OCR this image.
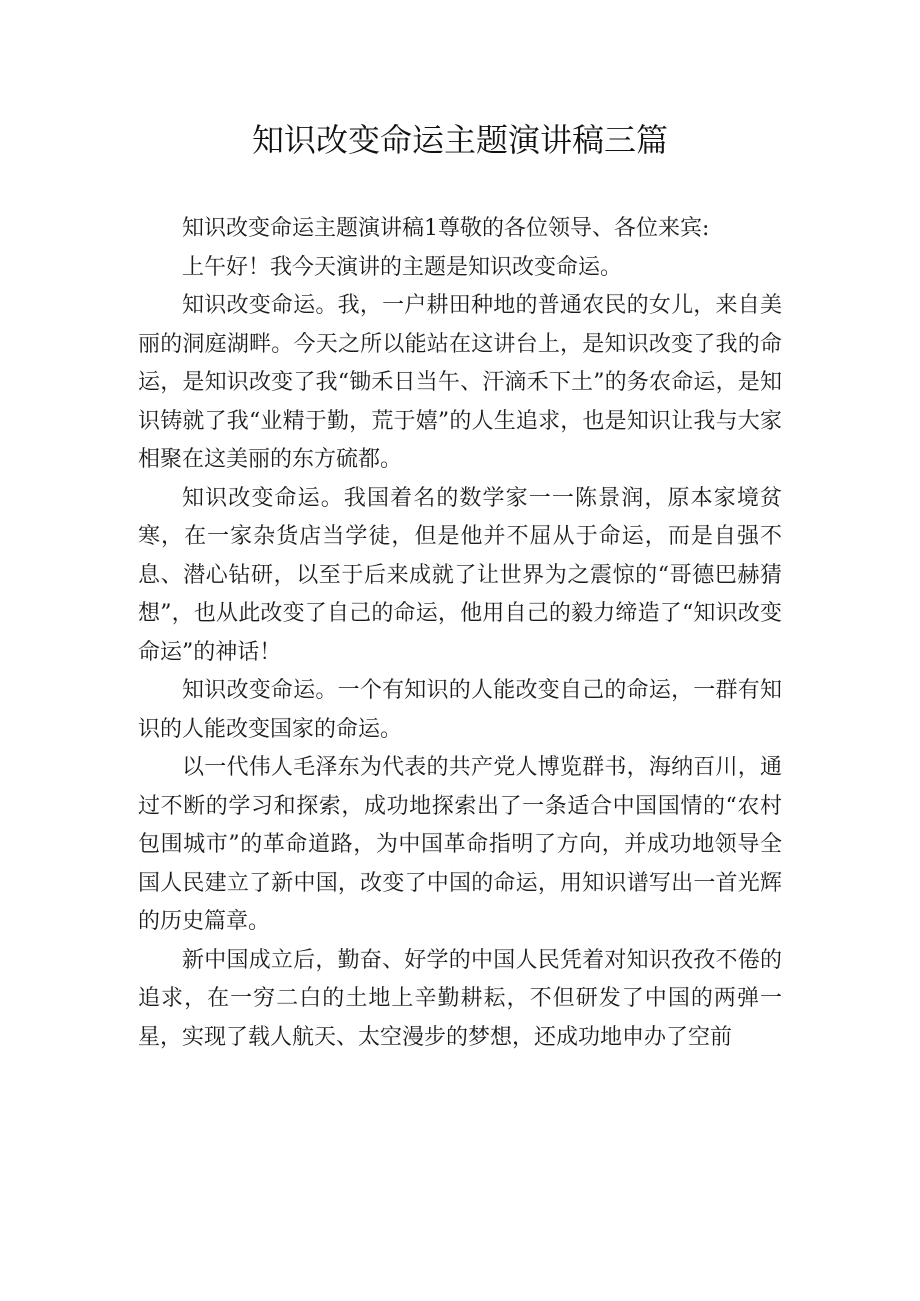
知识改变命运主题演讲稿三篇

知识改变命运主题演讲稿1尊敬的各位领导、各位来宾:

上午好！我今天演讲的主题是知识改变命运。

知识改变命运。我，一户耕田种地的普通农民的女儿，来自美丽的洞庭湖畔。今天之所以能站在这讲台上，是知识改变了我的命运，是知识改变了我“锄禾日当午、汗滴禾下土”的务农命运，是知识铸就了我“业精于勤，荒于嬉”的人生追求，也是知识让我与大家相聚在这美丽的东方硫都。

知识改变命运。我国着名的数学家一一陈景润，原本家境贫寒，在一家杂货店当学徒，但是他并不屈从于命运，而是自强不息、潜心钻研，以至于后来成就了让世界为之震惊的“哥德巴赫猜想”，也从此改变了自己的命运，他用自己的毅力缔造了“知识改变命运”的神话！

知识改变命运。一个有知识的人能改变自己的命运，一群有知识的人能改变国家的命运。

以一代伟人毛泽东为代表的共产党人博览群书，海纳百川，通过不断的学习和探索，成功地探索出了一条适合中国国情的“农村包围城市”的革命道路，为中国革命指明了方向，并成功地领导全国人民建立了新中国，改变了中国的命运，用知识谱写出一首光辉的历史篇章。

新中国成立后，勤奋、好学的中国人民凭着对知识孜孜不倦的追求，在一穷二白的土地上辛勤耕耘，不但研发了中国的两弹一星，实现了载人航天、太空漫步的梦想，还成功地申办了空前
